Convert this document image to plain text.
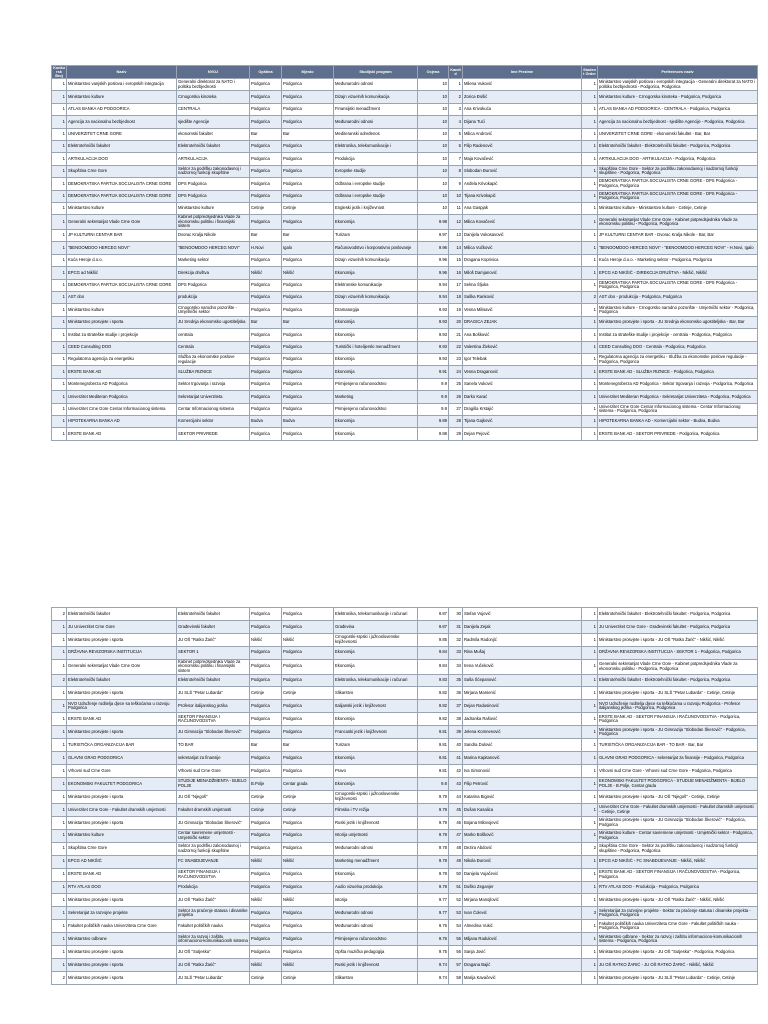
Konkursk Broj	Naziv	NVOJ	Opština	Mjesto	Studijski program	Ocjena	Kandid	Ime Prezime	Student Order	Preferences naziv
1	Ministarstvo vanjskih poslova i evropskih integracija	Generalni direktorat za NATO i politiku bezbjednosti	Podgorica	Podgorica	Međunarodni odnosi	10	1	Milena Vuković	1	Ministarstvo vanjskih poslova i evropskih integracija - Generalni direktorat za NATO i politiku bezbjednosti - Podgorica, Podgorica
1	Ministarstvo kulture	Crnogorska kinoteka	Podgorica	Podgorica	Dizajn vizuelnih komunikacija	10	2	Zorica Đošić	1	Ministarstvo kulture - Crnogorska kinoteka - Podgorica, Podgorica
1	ATLAS BANKA AD PODGORICA	CENTRALA	Podgorica	Podgorica	Finansijski menadžment	10	3	Ana Krivokuća	1	ATLAS BANKA AD PODGORICA - CENTRALA - Podgorica, Podgorica
1	Agencija za nacionalnu bezbjednost	sjedište Agencije	Podgorica	Podgorica	Međunarodni odnosi	10	4	Dijana Tući	1	Agencija za nacionalnu bezbjednost - sjedište Agencije - Podgorica, Podgorica
1	UNIVERZITET CRNE GORE	ekonomski fakultet	Bar	Bar	Mediteranski određenos	10	5	Milica Andrović	1	UNIVERZITET CRNE GORE - ekonomski fakultet - Bar, Bar
1	Elektrotehnički fakultet	Elektrotehnički fakultet	Podgorica	Podgorica	Elektronika, telekomunikacije i	10	6	Filip Radenović	1	Elektrotehnički fakultet - Elektrotehnički fakultet - Podgorica, Podgorica
1	ARTIKULACIJA DOO	ARTIKULACIJA	Podgorica	Podgorica	Produkcija	10	7	Maja Kovačević	1	ARTIKULACIJA DOO - ARTIKULACIJA - Podgorica, Podgorica
1	Skupština Crne Gore	Sektor za podršku zakonodavnoj i nadzornoj funkciji skupštine	Podgorica	Podgorica	Evropske studije	10	8	Slobodan Đurović	1	Skupština Crne Gore - Sektor za podršku zakonodavnoj i nadzornoj funkciji skupštine - Podgorica, Podgorica
1	DEMOKRATSKA PARTIJA SOCIJALISTA CRNE GORE	DPS Podgorica	Podgorica	Podgorica	Odbrana i evropske studije	10	9	Anđela Krivokapić	1	DEMOKRATSKA PARTIJA SOCIJALISTA CRNE GORE - DPS Podgorica - Podgorica, Podgorica
1	DEMOKRATSKA PARTIJA SOCIJALISTA CRNE GORE	DPS Podgorica	Podgorica	Podgorica	Odbrana i evropske studije	10	10	Tijana Krivokapić	1	DEMOKRATSKA PARTIJA SOCIJALISTA CRNE GORE - DPS Podgorica - Podgorica, Podgorica
1	Ministarstvo kulture	Ministarstvo kulture	Cetinje	Cetinje	Engleski jezik i književnost	10	11	Ana Gaspjak	1	Ministarstvo kulture - Ministarstvo kulture - Cetinje, Cetinje
1	Generalni sekretarijat Vlade Crne Gore	Kabinet potpredsjednika Vlade za ekonomsku politiku i finansijski sistem	Podgorica	Podgorica	Ekonomija	9.98	12	Milica Kovačević	1	Generalni sekretarijat Vlade Crne Gore - Kabinet potpredsjednika Vlade za ekonomsku politiku - Podgorica, Podgorica
1	JP KULTURNI CENTAR BAR	Dvorac Kralja Nikole	Bar	Bar	Turizam	9.97	13	Danijela Vukosavović	1	JP KULTURNI CENTAR BAR - Dvorac Kralja Nikole - Bar, Bar
1	"BENOOMDOO HERCEG NOVI"	"BENOOMDOO HERCEG NOVI"	H.Novi	Igalo	Računovodstvo i korporativno poslovanje	9.96	14	Milica Vučković	1	"BENOOMDOO HERCEG NOVI" - "BENOOMDOO HERCEG NOVI" - H.Novi, Igalo
1	Kuća Heroje d.o.o.	Marketing sektor	Podgorica	Podgorica	Dizajn vizuelnih komunikacija	9.96	15	Dragana Koprivica	1	Kuća Heroje d.o.o. - Marketing sektor - Podgorica, Podgorica
1	EPCG ad Nikšić	Direkcija društva	Nikšić	Nikšić	Ekonomija	9.96	16	Miloš Damjanović	1	EPCG AD NIKŠIĆ - DIREKCIJA DRUŠTVA - Nikšić, Nikšić
1	DEMOKRATSKA PARTIJA SOCIJALISTA CRNE GORE	DPS Podgorica	Podgorica	Podgorica	Elektronske komunikacije	9.94	17	Selma Šljuka	1	DEMOKRATSKA PARTIJA SOCIJALISTA CRNE GORE - DPS Podgorica - Podgorica, Podgorica
1	AST doo	produkcija	Podgorica	Podgorica	Dizajn vizuelnih komunikacija	9.94	18	Saška Ranković	2	AST doo - produkcija - Podgorica, Podgorica
1	Ministarstvo kulture	Crnogorsko narodno pozorište - Umjetnički sektor	Podgorica	Podgorica	Dramaturgija	9.93	19	Vesna Milisavić	1	Ministarstvo kulture - Crnogorsko narodno pozorište - Umjetnički sektor - Podgorica, Podgorica
1	Ministarstvo prosvjete i sporta	JU Srednja ekonomsko ugostiteljska	Bar	Bar	Ekonomija	9.93	20	DRAGICA ZEJAK	1	Ministarstvo prosvjete i sporta - JU Srednja ekonomsko ugostiteljska - Bar, Bar
1	Institut za strateške studije i projekcije	centrala	Podgorica	Podgorica	Ekonomija	9.93	21	Ana Bošković	1	Institut za strateške studije i projekcije - centrala - Podgorica, Podgorica
1	CEED Consulting DOO	Centrala	Podgorica	Podgorica	Turistički i hotelijerski menadžment	9.93	22	Valentina Živković	1	CEED Consulting DOO - Centrala - Podgorica, Podgorica
1	Regulatorna agencija za energetiku	Služba za ekonomske poslove regulacije	Podgorica	Podgorica	Ekonomija	9.93	23	Igor Telebak	1	Regulatorna agencija za energetiku - Služba za ekonomske poslove regulacije - Podgorica, Podgorica
1	ERSTE BANK AD	SLUŽBA RIZNICE	Podgorica	Podgorica	Ekonomija	9.91	24	Vesna Draganović	1	ERSTE BANK AD - SLUŽBA RIZNICE - Podgorica, Podgorica
1	Montenegroberza AD Podgorica	Sektor trgovanja i razvoja	Podgorica	Podgorica	Primijenjeno računovodstvo	9.9	25	Sanela Vuković	1	Montenegroberza AD Podgorica - Sektor trgovanja i razvoja - Podgorica, Podgorica
1	Univerzitet Mediteran Podgorica	Sekretarijat Univerziteta	Podgorica	Podgorica	Marketing	9.9	26	Darko Karać	1	Univerzitet Mediteran Podgorica - Sekretarijat Univerziteta - Podgorica, Podgorica
1	Univerzitet Crne Gore Centar Informacionog sistema	Centar Informacionog sistema	Podgorica	Podgorica	Primijenjeno računovodstvo	9.9	27	Dragiša Krstajić	1	Univerzitet Crne Gore Centar Informacionog sistema - Centar Informacionog sistema - Podgorica, Podgorica
1	HIPOTEKARNA BANKA AD	Komercijalni sektor	Budva	Budva	Ekonomija	9.89	28	Tijana Gajković	1	HIPOTEKARNA BANKA AD - Komercijalni sektor - Budva, Budva
1	ERSTE BANK AD	SEKTOR PRIVREDE	Podgorica	Podgorica	Ekonomija	9.88	29	Dejan Pejović	1	ERSTE BANK AD - SEKTOR PRIVREDE - Podgorica, Podgorica
2	Elektrotehnički fakultet	Elektrotehnički fakultet	Podgorica	Podgorica	Elektronika, telekomunikacije i računari	9.87	30	Stefan Vujović	1	Elektrotehnički fakultet - Elektrotehnički fakultet - Podgorica, Podgorica
1	JU Univerzitet Crne Gore	Građevinski fakultet	Podgorica	Podgorica	Građevina	9.87	31	Danijela Zejak	1	JU Univerzitet Crne Gore - Građevinski fakultet - Podgorica, Podgorica
1	Ministarstvo prosvjete i sporta	JU OŠ "Ratko Žarić"	Nikšić	Nikšić	Crnogorski-srpski i južnoslovenske književnosti	9.85	32	Radmila Radonjić	1	Ministarstvo prosvjete i sporta - JU OŠ "Ratko Žarić" - Nikšić, Nikšić
1	DRŽAVNA REVIZORSKA INSTITUCIJA	SEKTOR 1	Podgorica	Podgorica	Ekonomija	9.84	33	Rina Mušaj	1	DRŽAVNA REVIZORSKA INSTITUCIJA - SEKTOR 1 - Podgorica, Podgorica
1	Generalni sekretarijat Vlade Crne Gore	Kabinet potpredsjednika Vlade za ekonomsku politiku i finansijski sistem	Podgorica	Podgorica	Ekonomija	9.84	34	Irena Vučeković	1	Generalni sekretarijat Vlade Crne Gore - Kabinet potpredsjednika Vlade za ekonomsku politiku - Podgorica, Podgorica
2	Elektrotehnički fakultet	Elektrotehnički fakultet	Podgorica	Podgorica	Elektronika, telekomunikacije i računari	9.83	35	Saša Šćepanović	1	Elektrotehnički fakultet - Elektrotehnički fakultet - Podgorica, Podgorica
1	Ministarstvo prosvjete i sporta	JU SLŠ "Petar Lubarda"	Cetinje	Cetinje	Slikarstvo	9.82	36	Mirjana Marsenić	1	Ministarstvo prosvjete i sporta - JU SLŠ "Petar Lubarda" - Cetinje, Cetinje
1	NVO Udruženje roditelja djece sa teškoćama u razvoju Podgorica	Profesor italijanskog jezika	Podgorica	Podgorica	Italijanski jezik i književnost	9.82	37	Dejan Radusinović	1	NVO Udruženje roditelja djece sa teškoćama u razvoju Podgorica - Profesor italijanskog jezika - Podgorica, Podgorica
1	ERSTE BANK AD	SEKTOR FINANSIJA I RAČUNOVODSTVA	Podgorica	Podgorica	Ekonomija	9.82	38	Jadranka Rašović	1	ERSTE BANK AD - SEKTOR FINANSIJA I RAČUNOVODSTVA - Podgorica, Podgorica
1	Ministarstvo prosvjete i sporta	JU Gimnazija "Slobodan Škerović"	Podgorica	Podgorica	Francuski jezik i književnost	9.81	39	Jelena Komnenović	1	Ministarstvo prosvjete i sporta - JU Gimnazija "Slobodan Škerović" - Podgorica, Podgorica
1	TURISTIČKA ORGANIZACIJA BAR	TO BAR	Bar	Bar	Turizam	9.81	40	Sandra Dulović	1	TURISTIČKA ORGANIZACIJA BAR - TO BAR - Bar, Bar
1	GLAVNI GRAD PODGORICA	sekretarijat za finansije	Podgorica	Podgorica	Ekonomija	9.81	41	Marina Kapitanović	1	GLAVNI GRAD PODGORICA - sekretarijat za finansije - Podgorica, Podgorica
1	Vrhovni sud Crne Gore	Vrhovni sud Crne Gore	Podgorica	Podgorica	Pravo	9.81	42	Iva Simonović	1	Vrhovni sud Crne Gore - Vrhovni sud Crne Gore - Podgorica, Podgorica
1	EKONOMSKI FAKULTET PODGORICA	STUDIJE MENADŽMENTA - BIJELO POLJE	B.Polje	Centar grada	Ekonomija	9.8	43	Filip Petrović	1	EKONOMSKI FAKULTET PODGORICA - STUDIJE MENADŽMENTA - BIJELO POLJE - B.Polje, Centar grada
1	Ministarstvo prosvjete i sporta	JU OŠ "Njegoš"	Cetinje	Cetinje	Crnogorski-srpski i južnoslovenske književnosti	9.79	44	Katarina Bigović	1	Ministarstvo prosvjete i sporta - JU OŠ "Njegoš" - Cetinje, Cetinje
1	Univerzitet Crne Gore - Fakultet dramskih umjetnosti	Fakultet dramskih umjetnosti	Cetinje	Cetinje	Filmska i TV režija	9.79	45	Dušan Kasalica	1	Univerzitet Crne Gore - Fakultet dramskih umjetnosti - Fakultet dramskih umjetnosti - Cetinje, Cetinje
1	Ministarstvo prosvjete i sporta	JU Gimnazija "Slobodan Škerović"	Podgorica	Podgorica	Ruski jezik i književnost	9.79	46	Bojana Milovojević	1	Ministarstvo prosvjete i sporta - JU Gimnazija "Slobodan Škerović" - Podgorica, Podgorica
1	Ministarstvo kulture	Centar savremene umjetnosti - Umjetnički sektor	Podgorica	Podgorica	Istorija umjetnosti	9.78	47	Marko Bošković	1	Ministarstvo kulture - Centar savremene umjetnosti - Umjetnički sektor - Podgorica, Podgorica
1	Skupština Crne Gore	Sektor za podršku zakonodavnoj i nadzornoj funkciji skupštine	Podgorica	Podgorica	Međunarodni odnosi	9.78	48	Dezira Abdović	2	Skupština Crne Gore - Sektor za podršku zakonodavnoj i nadzornoj funkciji skupštine - Podgorica, Podgorica
1	EPCG AD NIKŠIĆ	FC SNABDIJEVANJE	Nikšić	Nikšić	Marketing menadžment	9.78	49	Nikola Đurović	1	EPCG AD NIKŠIĆ - FC SNABDIJEVANJE - Nikšić, Nikšić
1	ERSTE BANK AD	SEKTOR FINANSIJA I RAČUNOVODSTVA	Podgorica	Podgorica	Ekonomija	9.78	50	Danijela Vujačević	1	ERSTE BANK AD - SEKTOR FINANSIJA I RAČUNOVODSTVA - Podgorica, Podgorica
1	RTV ATLAS DOO	Produkcija	Podgorica	Podgorica	Audio vizuelna produkcija	9.78	51	Duško Zeganjer	1	RTV ATLAS DOO - Produkcija - Podgorica, Podgorica
1	Ministarstvo prosvjete i sporta	JU OŠ "Ratko Žarić"	Nikšić	Nikšić	Istorija	9.77	52	Mirjana Manojlović	1	Ministarstvo prosvjete i sporta - JU OŠ "Ratko Žarić" - Nikšić, Nikšić
1	Sekretarijat za razvojne projekte	Sektor za praćenje statusa i dinamike projekta	Podgorica	Podgorica	Međunarodni odnosi	9.77	53	Ivan Čolević	3	Sekretarijat za razvojne projekte - Sektor za praćenje statusa i dinamike projekta - Podgorica, Podgorica
1	Fakultet političkih nauka Univerziteta Crne Gore	Fakultet političkih nauka	Podgorica	Podgorica	Međunarodni odnosi	9.76	54	Almedina Vukić	1	Fakultet političkih nauka Univerziteta Crne Gore - Fakultet političkih nauka - Podgorica, Podgorica
1	Ministarstvo odbrane	Sektor za razvoj i zaštitu informaciono-komunikacionih sistema	Podgorica	Podgorica	Primijenjeno računovodstvo	9.76	55	Miljana Radulović	1	Ministarstvo odbrane - Sektor za razvoj i zaštitu informaciono-komunikacionih sistema - Podgorica, Podgorica
1	Ministarstvo prosvjete i sporta	JU OŠ "Sutjeska"	Podgorica	Podgorica	Opšta muzička pedagogija	9.75	56	Sanja Jović	1	Ministarstvo prosvjete i sporta - JU OŠ "Sutjeska" - Podgorica, Podgorica
1	Ministarstvo prosvjete i sporta	JU OŠ "Ratko Žarić"	Nikšić	Nikšić	Ruski jezik i književnost	9.74	57	Dragana Bajić	1	JU OŠ RATKO ŽARIĆ - JU OŠ RATKO ŽARIĆ - Nikšić, Nikšić
2	Ministarstvo prosvjete i sporta	JU SLŠ "Petar Lubarda"	Cetinje	Cetinje	Slikarstvo	9.74	58	Marija Kavačević	1	Ministarstvo prosvjete i sporta - JU SLŠ "Petar Lubarda" - Cetinje, Cetinje
